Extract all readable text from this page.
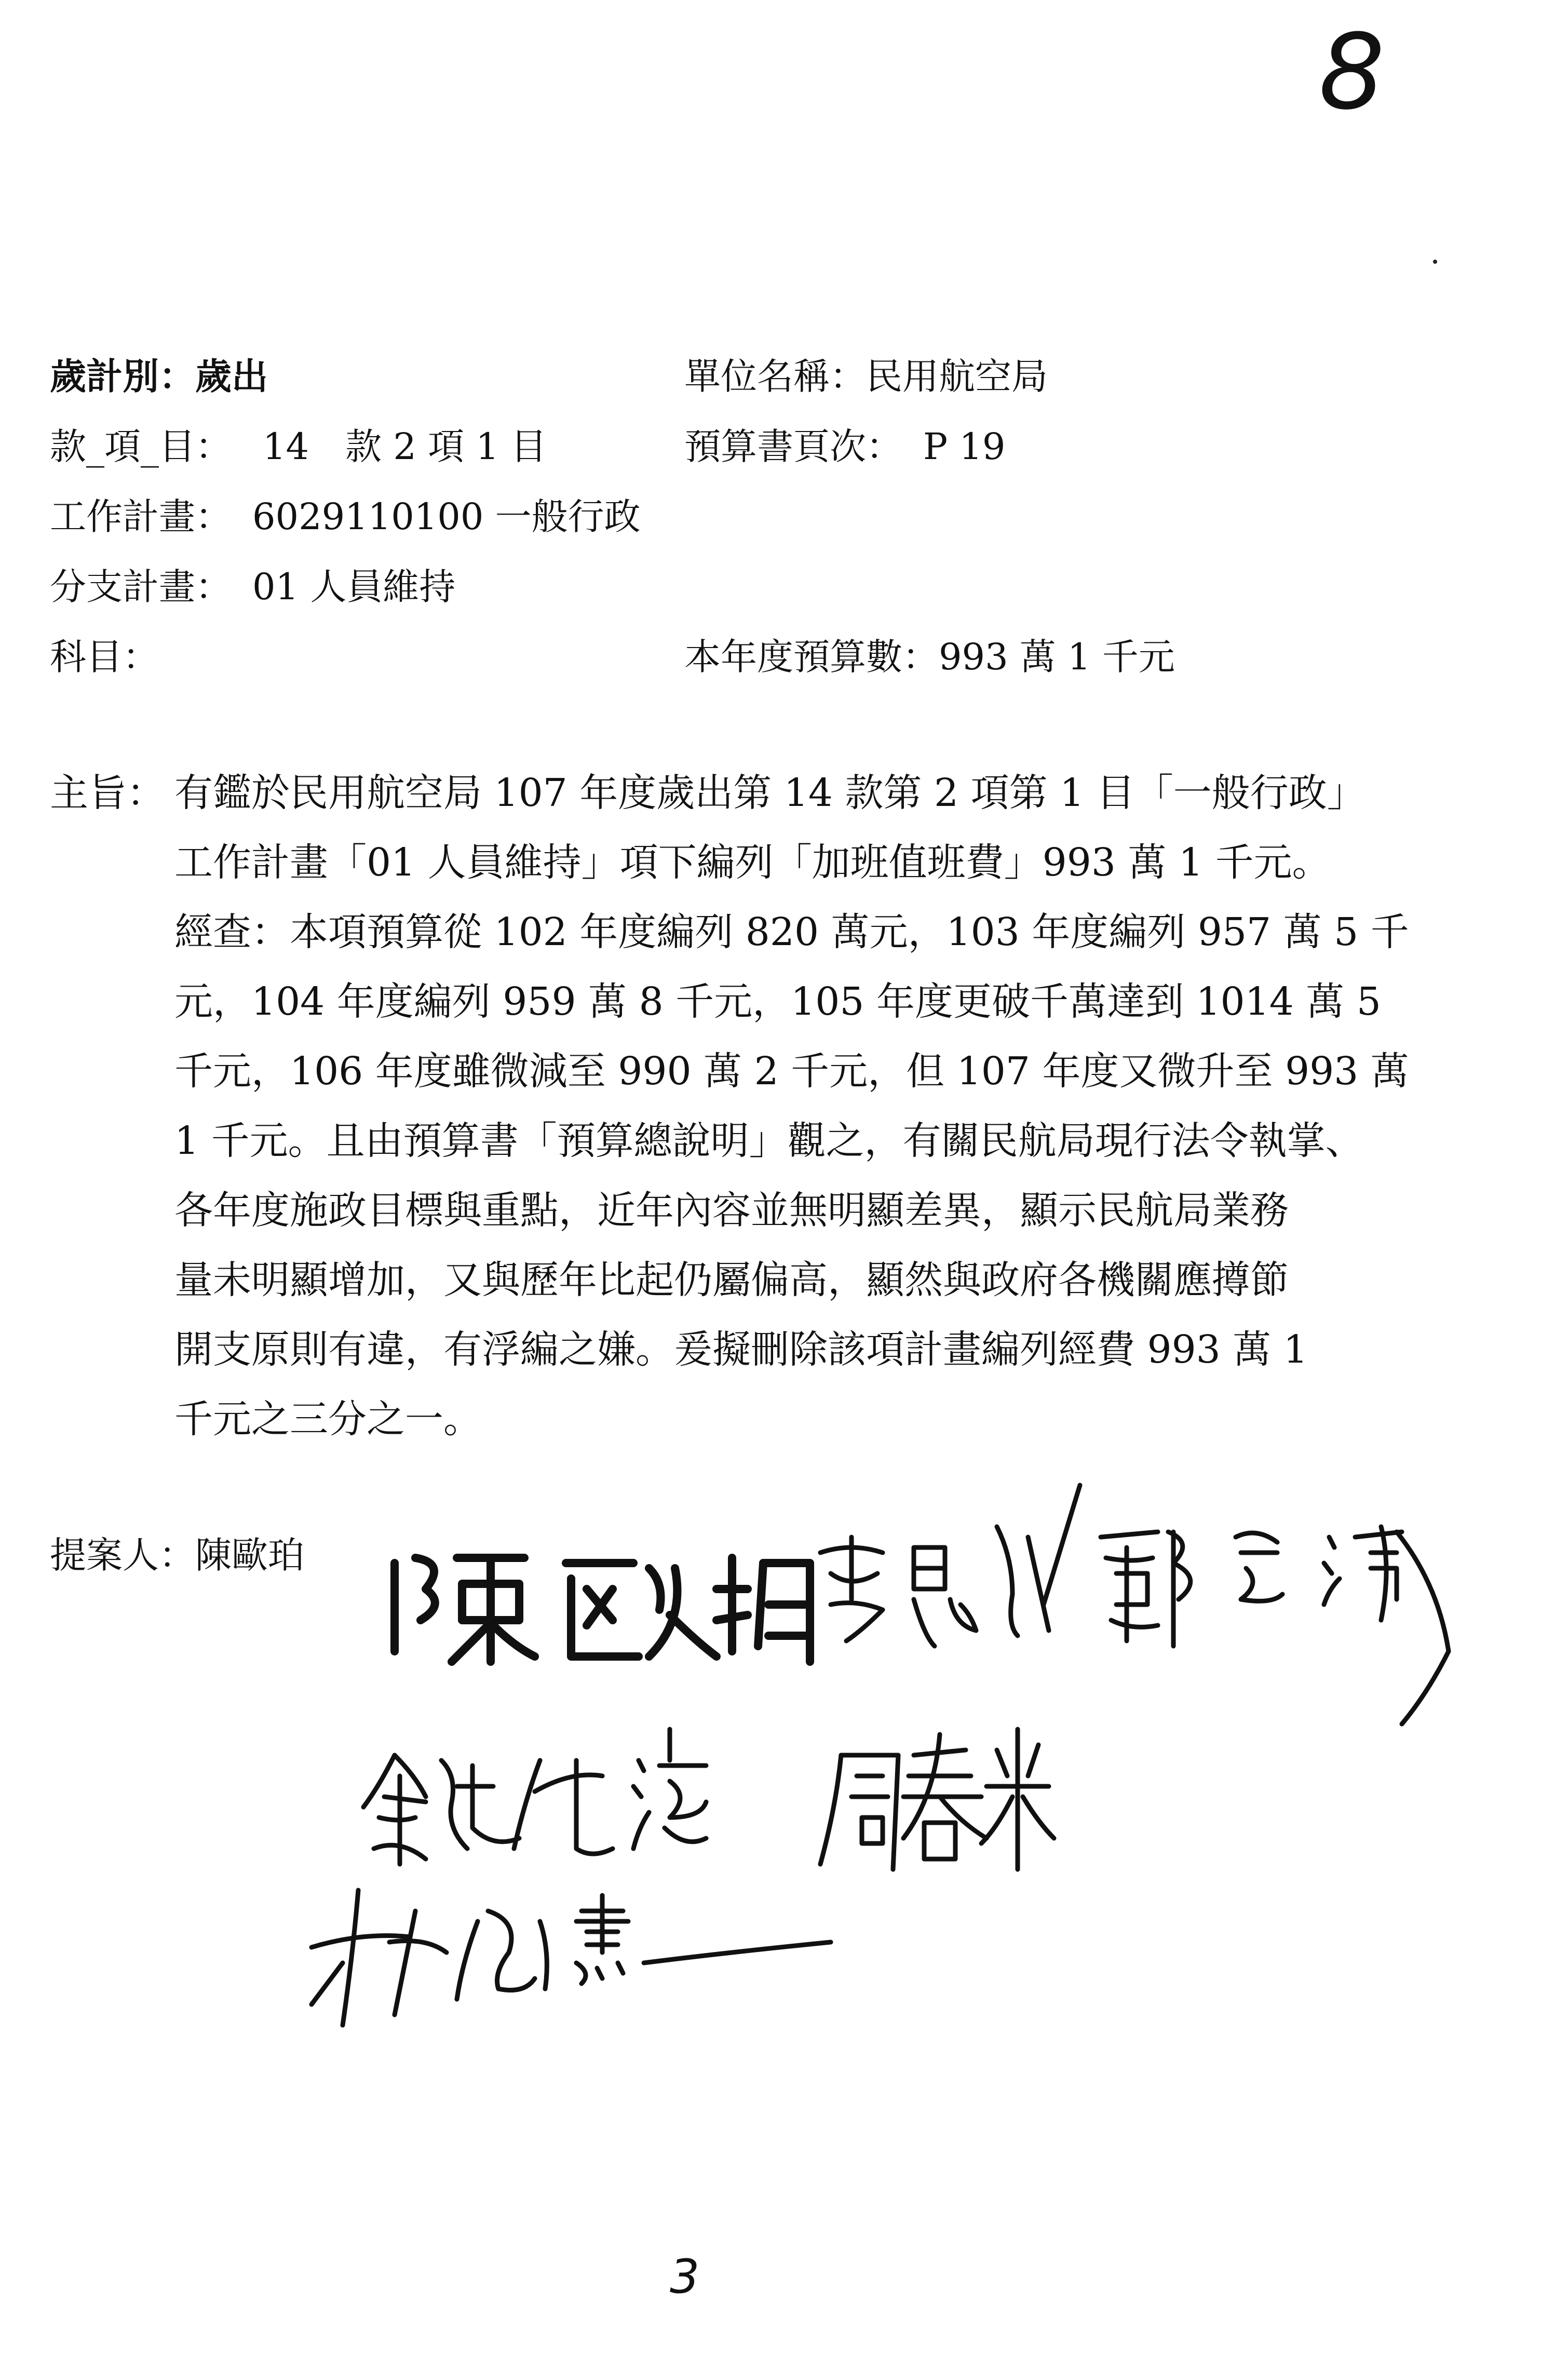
8
歲計別：歲出	單位名稱：民用航空局
款_項_目： 14　款 2 項 1 目	預算書頁次： P 19
工作計畫： 6029110100 一般行政
分支計畫： 01 人員維持
科目：	本年度預算數：993 萬 1 千元
主旨： 有鑑於民用航空局 107 年度歲出第 14 款第 2 項第 1 目「一般行政」
工作計畫「01 人員維持」項下編列「加班值班費」993 萬 1 千元。
經查：本項預算從 102 年度編列 820 萬元，103 年度編列 957 萬 5 千
元，104 年度編列 959 萬 8 千元，105 年度更破千萬達到 1014 萬 5
千元，106 年度雖微減至 990 萬 2 千元，但 107 年度又微升至 993 萬
1 千元。且由預算書「預算總說明」觀之，有關民航局現行法令執掌、
各年度施政目標與重點，近年內容並無明顯差異，顯示民航局業務
量未明顯增加，又與歷年比起仍屬偏高，顯然與政府各機關應撙節
開支原則有違，有浮編之嫌。爰擬刪除該項計畫編列經費 993 萬 1
千元之三分之一。
提案人：陳歐珀
3
